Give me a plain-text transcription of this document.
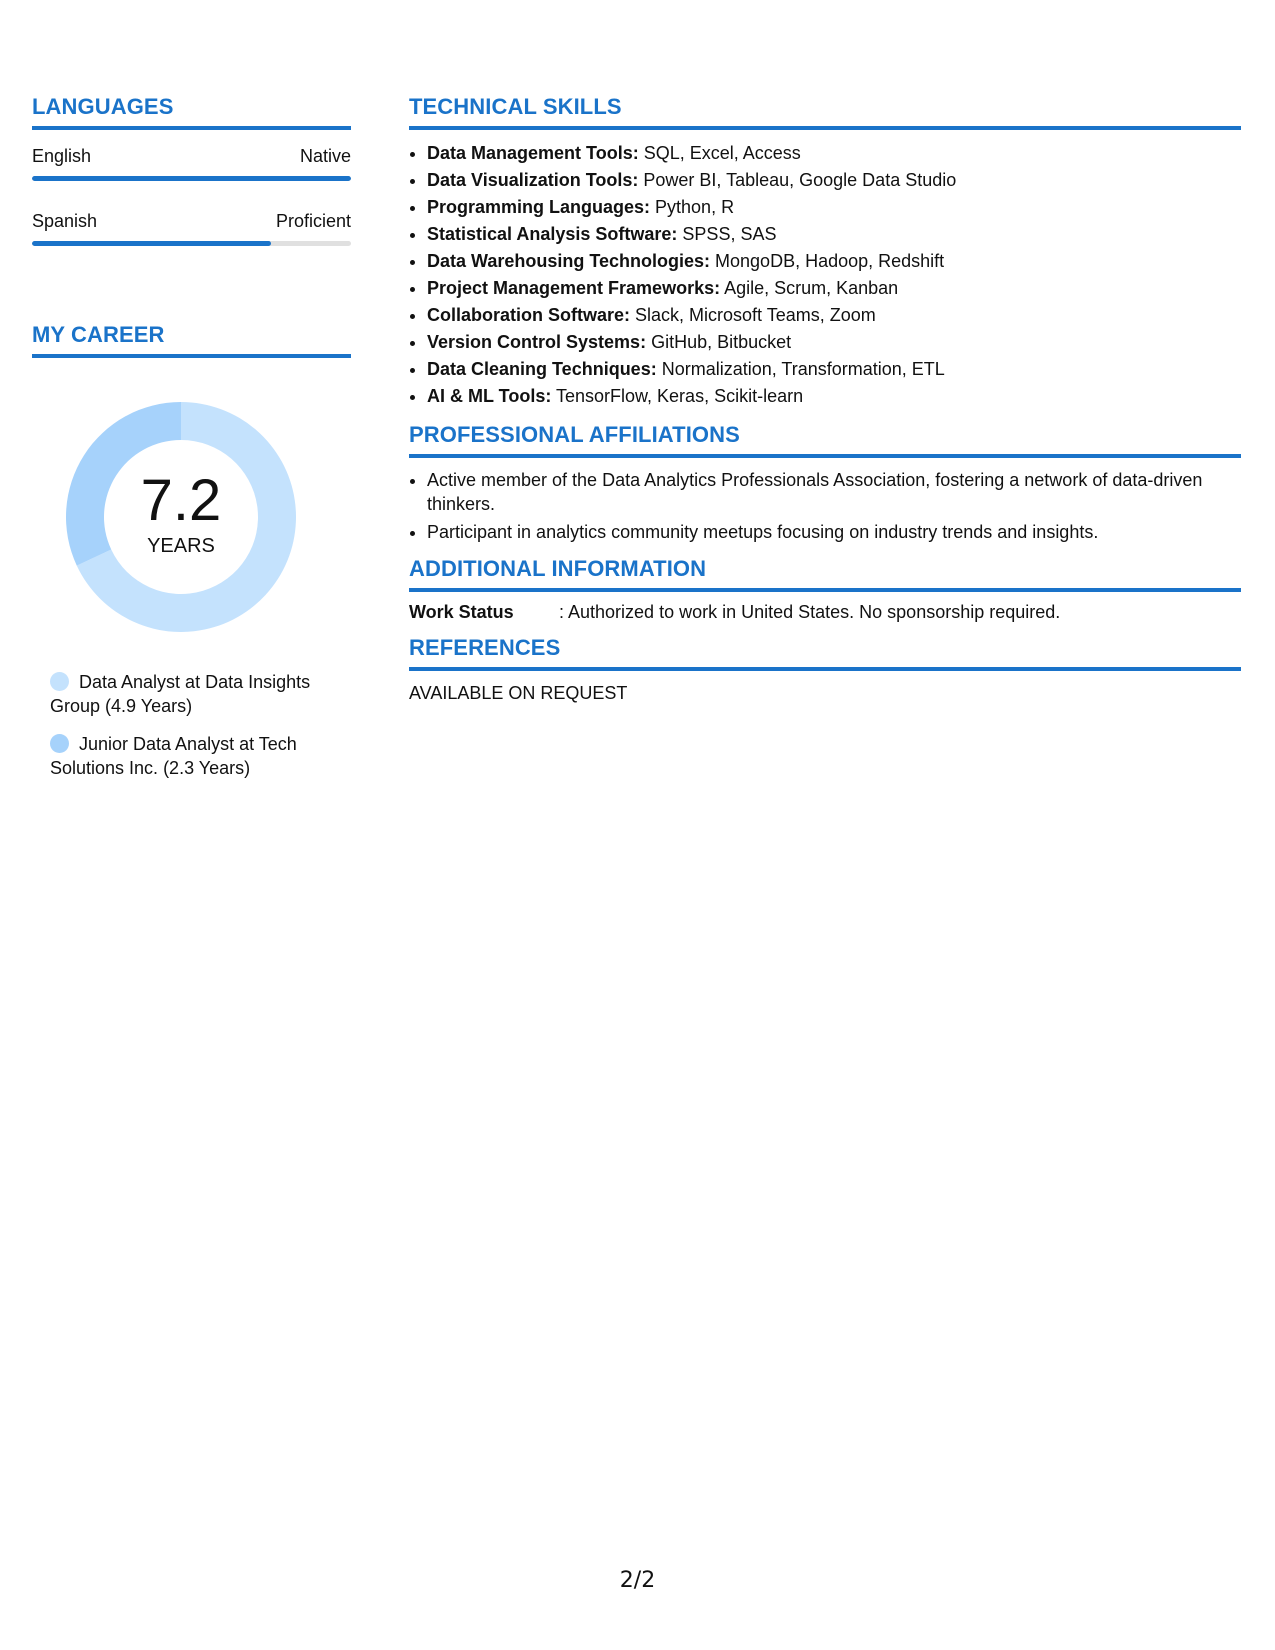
LANGUAGES
English	Native
Spanish	Proficient
MY CAREER
7.2
YEARS
Data Analyst at Data Insights Group (4.9 Years)
Junior Data Analyst at Tech Solutions Inc. (2.3 Years)
TECHNICAL SKILLS
• Data Management Tools: SQL, Excel, Access
• Data Visualization Tools: Power BI, Tableau, Google Data Studio
• Programming Languages: Python, R
• Statistical Analysis Software: SPSS, SAS
• Data Warehousing Technologies: MongoDB, Hadoop, Redshift
• Project Management Frameworks: Agile, Scrum, Kanban
• Collaboration Software: Slack, Microsoft Teams, Zoom
• Version Control Systems: GitHub, Bitbucket
• Data Cleaning Techniques: Normalization, Transformation, ETL
• AI & ML Tools: TensorFlow, Keras, Scikit-learn
PROFESSIONAL AFFILIATIONS
• Active member of the Data Analytics Professionals Association, fostering a network of data-driven thinkers.
• Participant in analytics community meetups focusing on industry trends and insights.
ADDITIONAL INFORMATION
Work Status	: Authorized to work in United States. No sponsorship required.
REFERENCES
AVAILABLE ON REQUEST
2/2
